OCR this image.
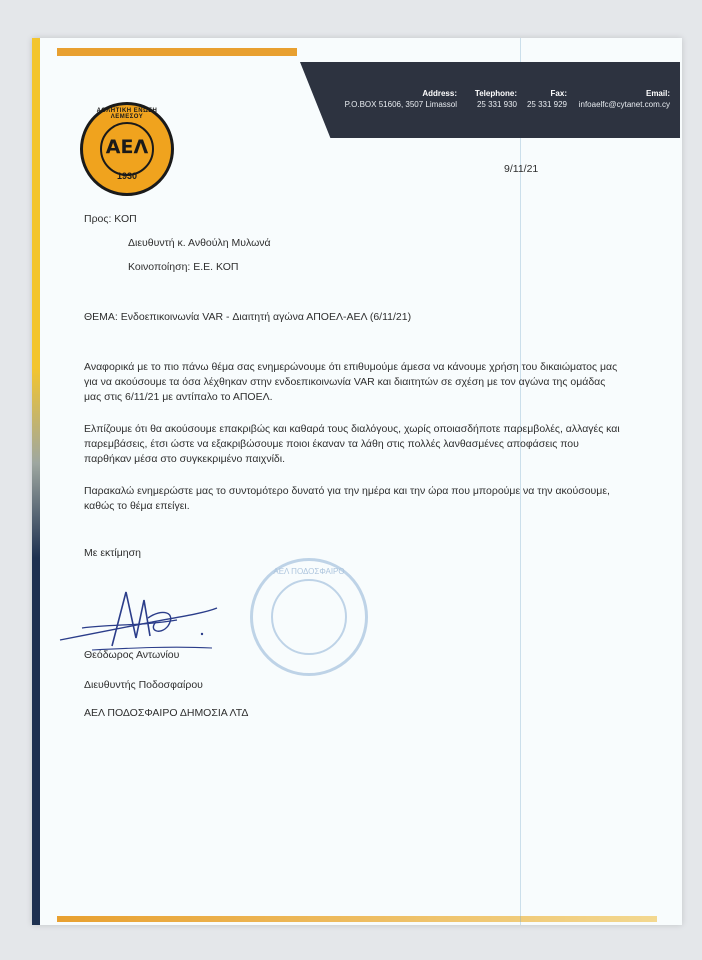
Address:
P.O.BOX 51606, 3507 Limassol
Telephone:
25 331 930
Fax:
25 331 929
Email:
infoaelfc@cytanet.com.cy
ΑΘΛΗΤΙΚΗ ΕΝΩΣΗ ΛΕΜΕΣΟΥ
ΑΕΛ
1930
9/11/21
Προς: ΚΟΠ
Διευθυντή κ. Ανθούλη Μυλωνά
Κοινοποίηση: Ε.Ε. ΚΟΠ
ΘΕΜΑ: Ενδοεπικοινωνία VAR - Διαιτητή αγώνα ΑΠΟΕΛ-ΑΕΛ (6/11/21)
Αναφορικά με το πιο πάνω θέμα σας ενημερώνουμε ότι επιθυμούμε άμεσα να κάνουμε χρήση του δικαιώματος μας για να ακούσουμε τα όσα λέχθηκαν στην ενδοεπικοινωνία VAR και διαιτητών σε σχέση με τον αγώνα της ομάδας μας στις 6/11/21 με αντίπαλο το ΑΠΟΕΛ.
Ελπίζουμε ότι θα ακούσουμε επακριβώς και καθαρά τους διαλόγους, χωρίς οποιασδήποτε παρεμβολές, αλλαγές και παρεμβάσεις, έτσι ώστε να εξακριβώσουμε ποιοι έκαναν τα λάθη στις πολλές λανθασμένες αποφάσεις που παρθήκαν μέσα στο συγκεκριμένο παιχνίδι.
Παρακαλώ ενημερώστε μας το συντομότερο δυνατό για την ημέρα και την ώρα που μπορούμε να την ακούσουμε, καθώς το θέμα επείγει.
Με εκτίμηση
ΑΕΛ ΠΟΔΟΣΦΑΙΡΟ
Θεόδωρος Αντωνίου
Διευθυντής Ποδοσφαίρου
ΑΕΛ ΠΟΔΟΣΦΑΙΡΟ ΔΗΜΟΣΙΑ ΛΤΔ
